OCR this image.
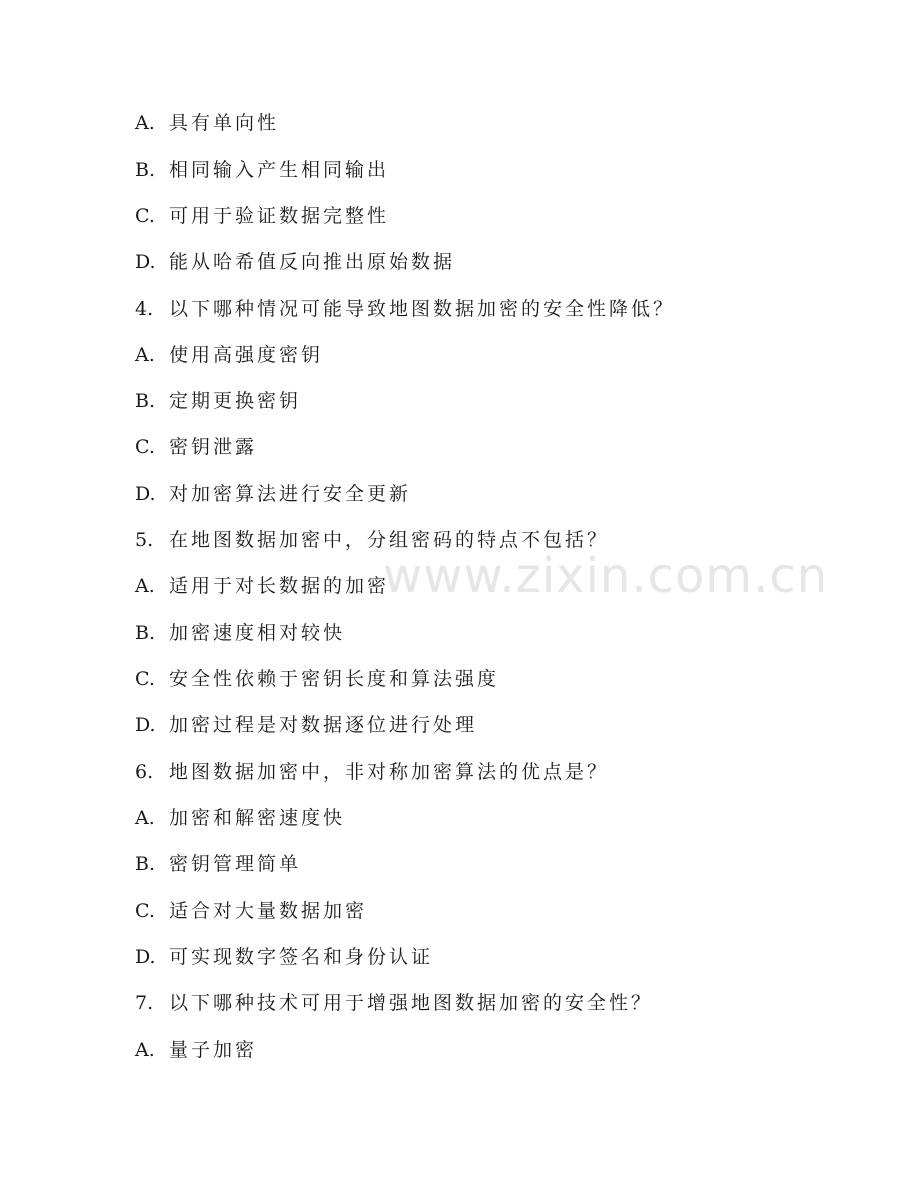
A. 具有单向性
B. 相同输入产生相同输出
C. 可用于验证数据完整性
D. 能从哈希值反向推出原始数据
4. 以下哪种情况可能导致地图数据加密的安全性降低？
A. 使用高强度密钥
B. 定期更换密钥
C. 密钥泄露
D. 对加密算法进行安全更新
5. 在地图数据加密中，分组密码的特点不包括？
A. 适用于对长数据的加密
B. 加密速度相对较快
C. 安全性依赖于密钥长度和算法强度
D. 加密过程是对数据逐位进行处理
6. 地图数据加密中，非对称加密算法的优点是？
A. 加密和解密速度快
B. 密钥管理简单
C. 适合对大量数据加密
D. 可实现数字签名和身份认证
7. 以下哪种技术可用于增强地图数据加密的安全性？
A. 量子加密
www.zixin.com.cn
